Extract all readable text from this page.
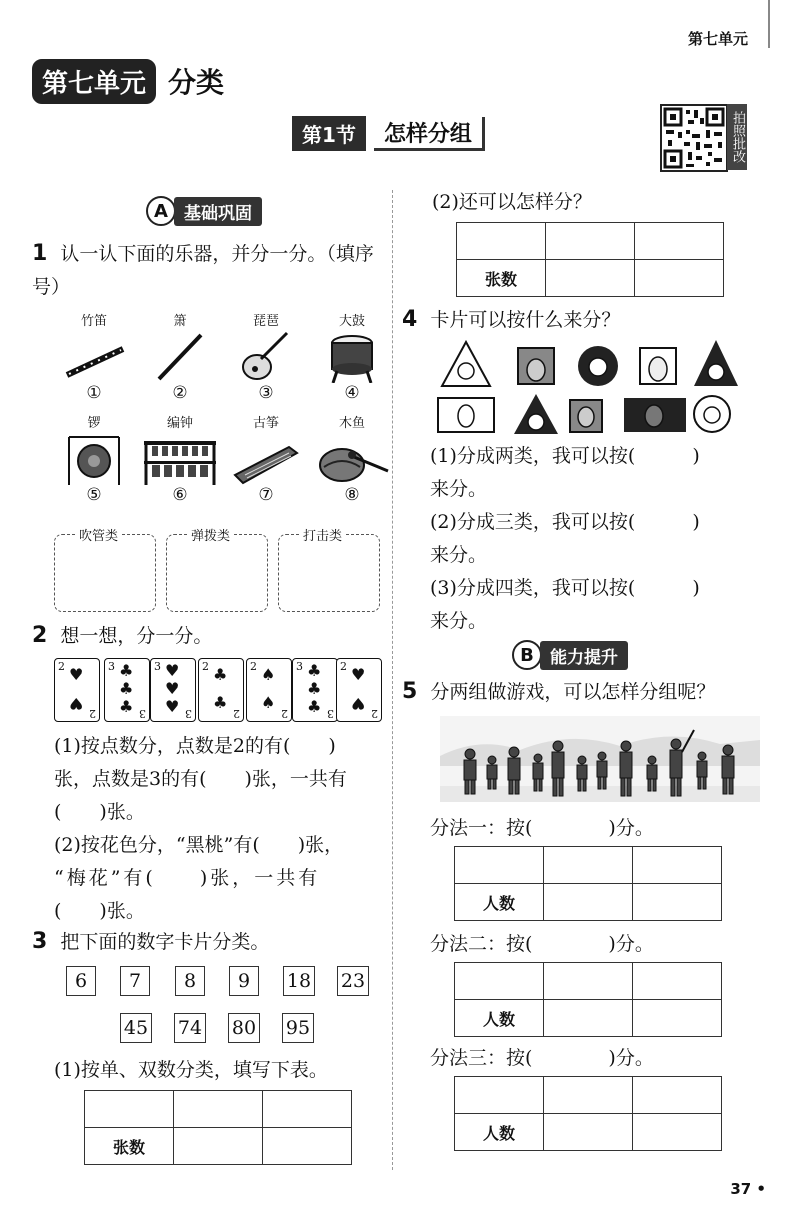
第七单元
第七单元 分类
第1节	怎样分组	拍照批改
A 基础巩固
1 认一认下面的乐器，并分一分。（填序号）
竹笛
①
箫
②
琵琶
③
大鼓
④
锣
⑤
编钟
⑥
古筝
⑦
木鱼
⑧
吹管类	弹拨类	打击类
2 想一想，分一分。
2 ♥
♥
2
3 ♣
♣
♣ 3
3 ♥
♥
♥ 3
2 ♣
♣
2
2 ♠
♠
2
3 ♣
♣
♣ 3
2 ♥
♥
2
(1)按点数分，点数是2的有(　　)
张，点数是3的有(　　)张，一共有
(　　)张。
(2)按花色分，“黑桃”有(　　)张，
“梅花”有(　　)张，一共有
(　　)张。
3 把下面的数字卡片分类。
6	7	8	9	18 23
45 74 80 95
(1)按单、双数分类，填写下表。

张数		
(2)还可以怎样分？

张数		
4 卡片可以按什么来分？
(1)分成两类，我可以按(　　　)
来分。
(2)分成三类，我可以按(　　　)
来分。
(3)分成四类，我可以按(　　　)
来分。
B 能力提升
5 分两组做游戏，可以怎样分组呢？
分法一：按(　　　　)分。

人数		
分法二：按(　　　　)分。

人数		
分法三：按(　　　　)分。

人数		
37 •
